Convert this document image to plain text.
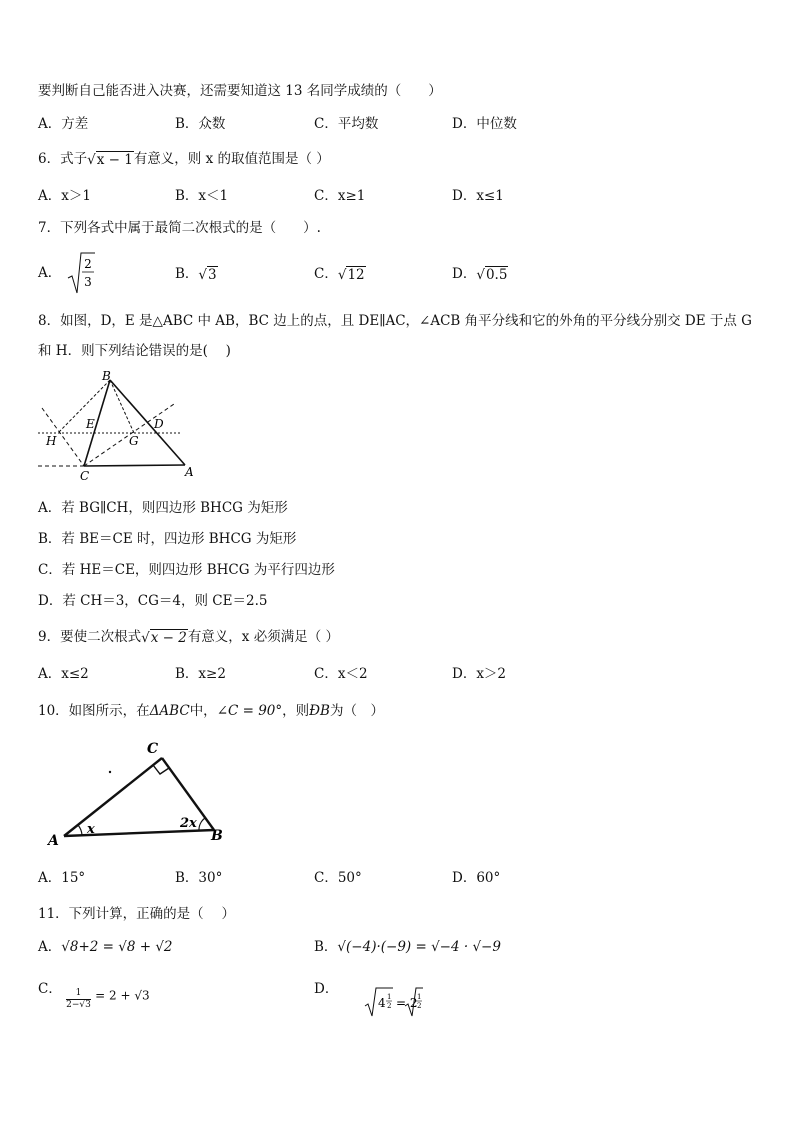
要判断自己能否进入决赛，还需要知道这 13 名同学成绩的（　　）
A．方差	B．众数	C．平均数	D．中位数
6．式子√x − 1有意义，则 x 的取值范围是（ ）
A．x＞1	B．x＜1	C．x≥1	D．x≤1
7．下列各式中属于最简二次根式的是（　　）.
A．
2
3	B．√3	C．√12	D．√0.5
8．如图，D，E 是△ABC 中 AB，BC 边上的点，且 DE∥AC，∠ACB 角平分线和它的外角的平分线分别交 DE 于点 G
和 H．则下列结论错误的是(　 )
B
E	D
H	G
C	A
A．若 BG∥CH，则四边形 BHCG 为矩形
B．若 BE＝CE 时，四边形 BHCG 为矩形
C．若 HE＝CE，则四边形 BHCG 为平行四边形
D．若 CH＝3，CG＝4，则 CE＝2.5
9．要使二次根式√x − 2有意义，x 必须满足（ ）
A．x≤2	B．x≥2	C．x＜2	D．x＞2
10．如图所示，在ΔABC中，∠C = 90°，则ÐB为（　）
C
A	B
x	2x
A．15°	B．30°	C．50°	D．60°
11．下列计算，正确的是（　 ）
A．√8+2 = √8 + √2	B．√(−4)·(−9) = √−4 · √−9
C． $\frac{1}{2-√3} = 2 + √3$	D．
4 1
2 = 2 1
2
